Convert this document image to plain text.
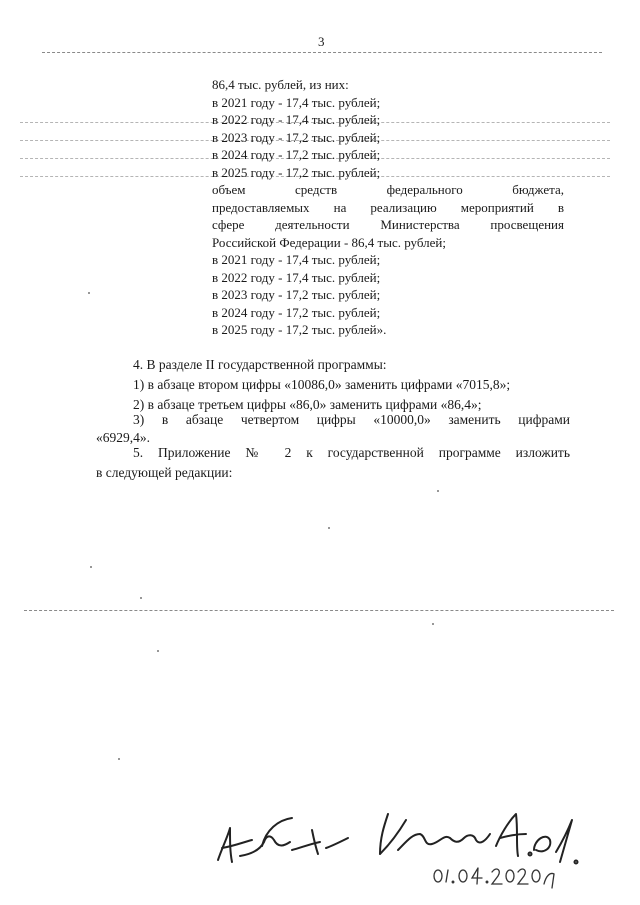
3
86,4 тыс. рублей, из них:
в 2021 году - 17,4 тыс. рублей;
в 2022 году - 17,4 тыс. рублей;
в 2023 году - 17,2 тыс. рублей;
в 2024 году - 17,2 тыс. рублей;
в 2025 году - 17,2 тыс. рублей;
объем средств федерального бюджета,
предоставляемых на реализацию мероприятий в
сфере деятельности Министерства просвещения
Российской Федерации - 86,4 тыс. рублей;
в 2021 году - 17,4 тыс. рублей;
в 2022 году - 17,4 тыс. рублей;
в 2023 году - 17,2 тыс. рублей;
в 2024 году - 17,2 тыс. рублей;
в 2025 году - 17,2 тыс. рублей».
4. В разделе II государственной программы:
1) в абзаце втором цифры «10086,0» заменить цифрами «7015,8»;
2) в абзаце третьем цифры «86,0» заменить цифрами «86,4»;
3) в абзаце четвертом цифры «10000,0» заменить цифрами
«6929,4».
5. Приложение № 2 к государственной программе изложить
в следующей редакции:
